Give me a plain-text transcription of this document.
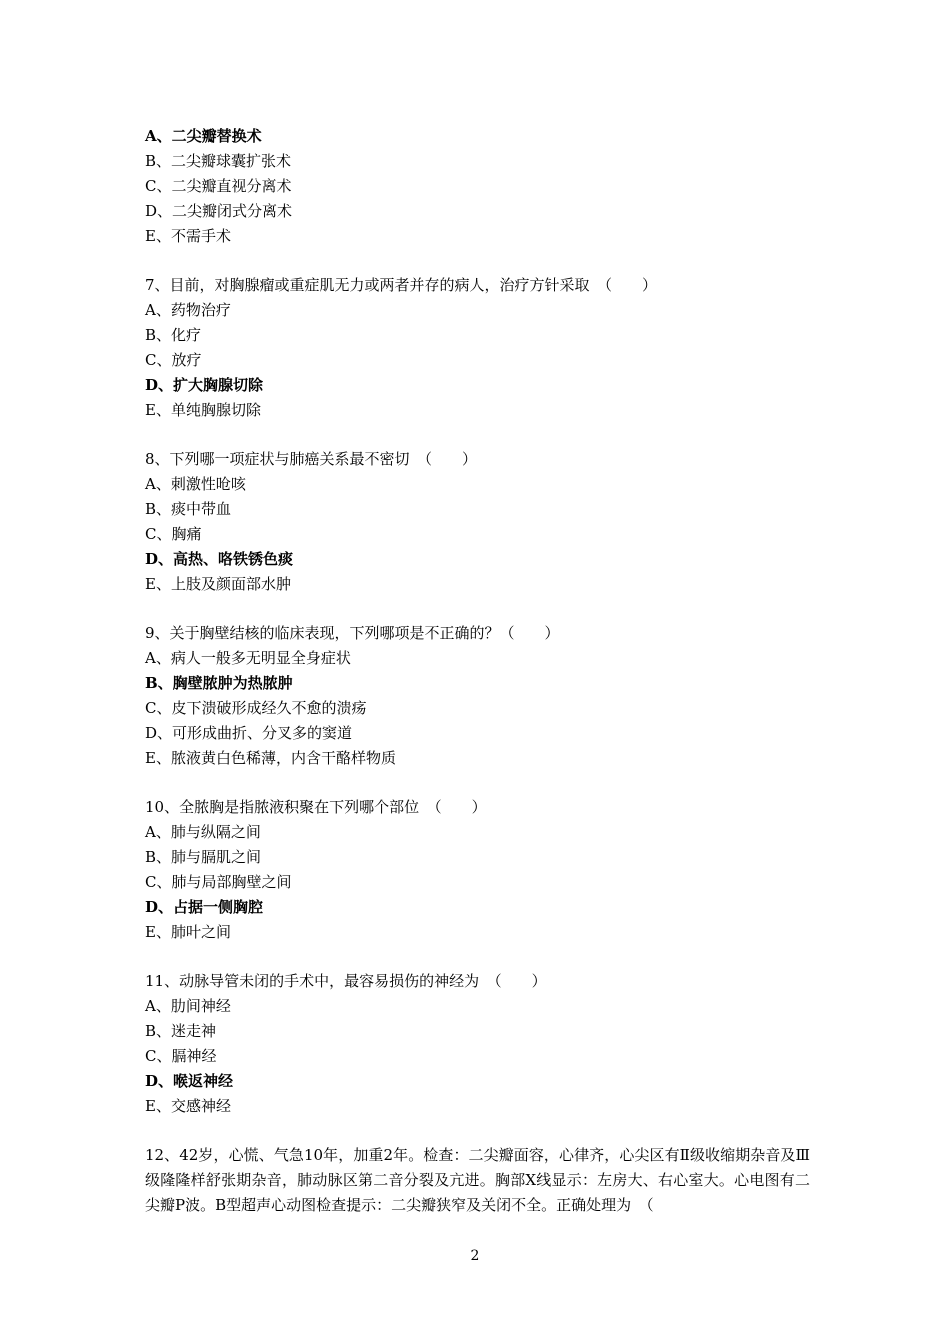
A、二尖瓣替换术
B、二尖瓣球囊扩张术
C、二尖瓣直视分离术
D、二尖瓣闭式分离术
E、不需手术
7、目前，对胸腺瘤或重症肌无力或两者并存的病人，治疗方针采取　（　　）
A、药物治疗
B、化疗
C、放疗
D、扩大胸腺切除
E、单纯胸腺切除
8、下列哪一项症状与肺癌关系最不密切　（　　）
A、刺激性呛咳
B、痰中带血
C、胸痛
D、高热、咯铁锈色痰
E、上肢及颜面部水肿
9、关于胸壁结核的临床表现，下列哪项是不正确的？（　　）
A、病人一般多无明显全身症状
B、胸壁脓肿为热脓肿
C、皮下溃破形成经久不愈的溃疡
D、可形成曲折、分叉多的窦道
E、脓液黄白色稀薄，内含干酪样物质
10、全脓胸是指脓液积聚在下列哪个部位　（　　）
A、肺与纵隔之间
B、肺与膈肌之间
C、肺与局部胸壁之间
D、占据一侧胸腔
E、肺叶之间
11、动脉导管未闭的手术中，最容易损伤的神经为　（　　）
A、肋间神经
B、迷走神
C、膈神经
D、喉返神经
E、交感神经
12、42岁，心慌、气急10年，加重2年。检查：二尖瓣面容，心律齐，心尖区有Ⅱ级收缩期杂音及Ⅲ级隆隆样舒张期杂音，肺动脉区第二音分裂及亢进。胸部X线显示：左房大、右心室大。心电图有二尖瓣P波。B型超声心动图检查提示：二尖瓣狭窄及关闭不全。正确处理为　（
2
